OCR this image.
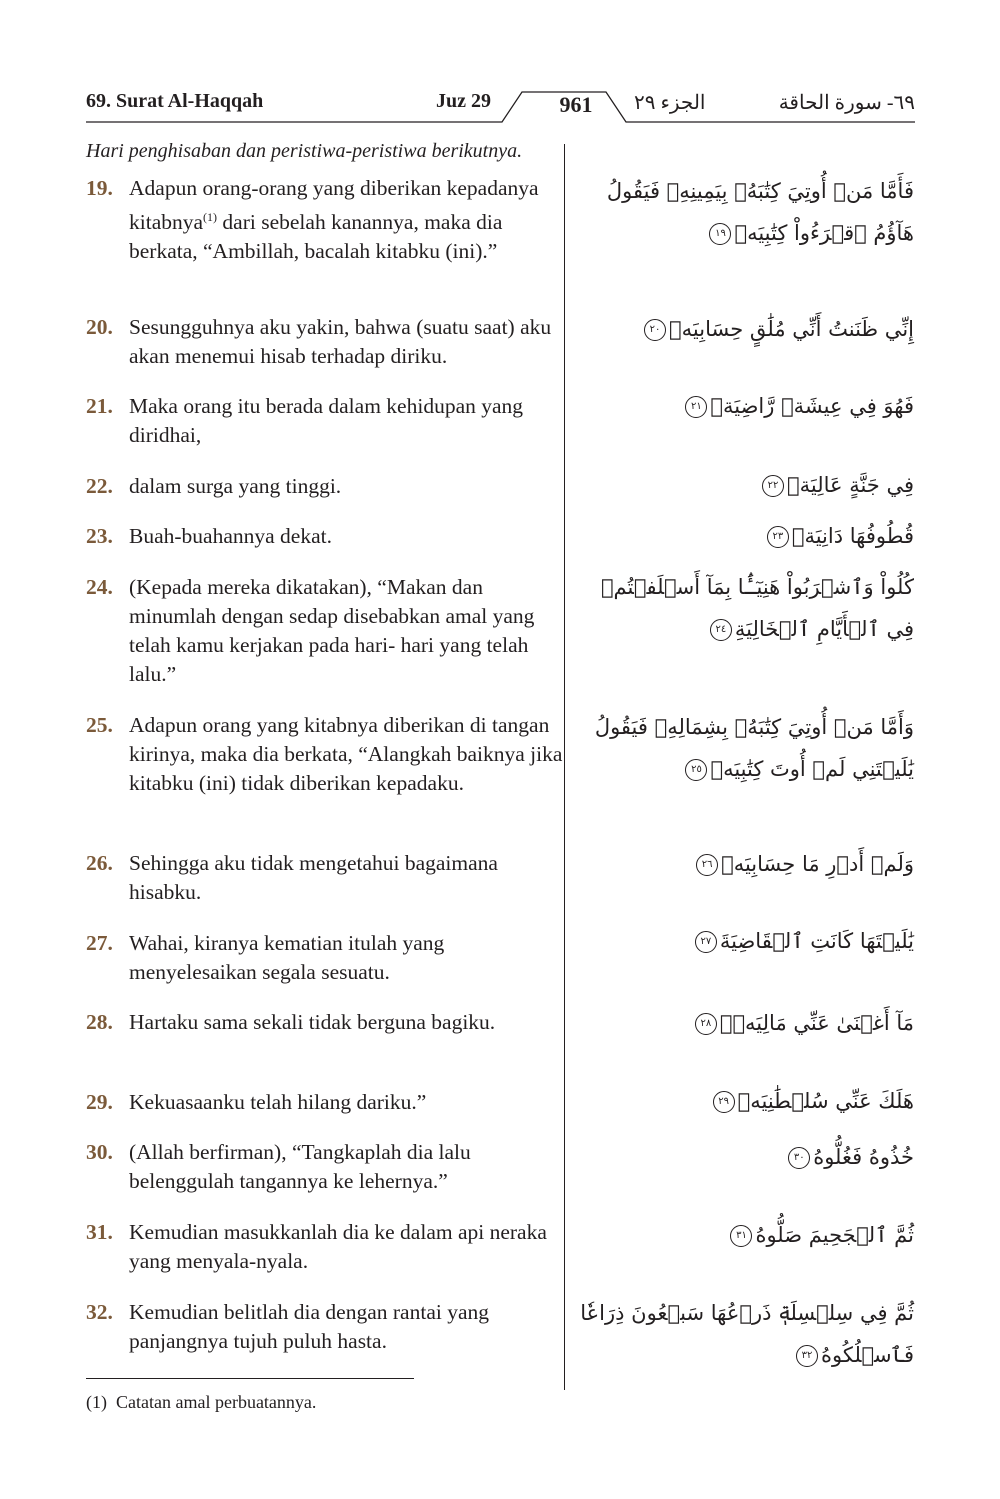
69. Surat Al-Haqqah	Juz 29	961	الجزء ٢٩	٦٩- سورة الحاقة
Hari penghisaban dan peristiwa-peristiwa berikutnya.
19. Adapun orang-orang yang diberikan kepadanya kitabnya$^{(1)}$ dari sebelah kanannya, maka dia berkata, “Ambillah, bacalah kitabku (ini).”
فَأَمَّا مَنۡ أُوتِيَ كِتَٰبَهُۥ بِيَمِينِهِۦ فَيَقُولُ هَآؤُمُ ٱقۡرَءُواْ كِتَٰبِيَهۡ١٩
20. Sesungguhnya aku yakin, bahwa (suatu saat) aku akan menemui hisab terhadap diriku.
إِنِّي ظَنَنتُ أَنِّي مُلَٰقٍ حِسَابِيَهۡ٢٠
21. Maka orang itu berada dalam kehidupan yang diridhai,
فَهُوَ فِي عِيشَةٖ رَّاضِيَةٖ٢١
22. dalam surga yang tinggi.	فِي جَنَّةٍ عَالِيَةٖ٢٢
23. Buah-buahannya dekat.	قُطُوفُهَا دَانِيَةٞ٢٣
24. (Kepada mereka dikatakan), “Makan dan minumlah dengan sedap disebabkan amal yang telah kamu kerjakan pada hari- hari yang telah lalu.”
كُلُواْ وَٱشۡرَبُواْ هَنِيٓـَٔۢا بِمَآ أَسۡلَفۡتُمۡ فِي ٱلۡأَيَّامِ ٱلۡخَالِيَةِ٢٤
25. Adapun orang yang kitabnya diberikan di tangan kirinya, maka dia berkata, “Alangkah baiknya jika kitabku (ini) tidak diberikan kepadaku.
وَأَمَّا مَنۡ أُوتِيَ كِتَٰبَهُۥ بِشِمَالِهِۦ فَيَقُولُ يَٰلَيۡتَنِي لَمۡ أُوتَ كِتَٰبِيَهۡ٢٥
26. Sehingga aku tidak mengetahui bagaimana hisabku.
وَلَمۡ أَدۡرِ مَا حِسَابِيَهۡ٢٦
27. Wahai, kiranya kematian itulah yang menyelesaikan segala sesuatu.
يَٰلَيۡتَهَا كَانَتِ ٱلۡقَاضِيَةَ٢٧
28. Hartaku sama sekali tidak berguna bagiku.	مَآ أَغۡنَىٰ عَنِّي مَالِيَهۡۜ٢٨
29. Kekuasaanku telah hilang dariku.”	هَلَكَ عَنِّي سُلۡطَٰنِيَهۡ٢٩
30. (Allah berfirman), “Tangkaplah dia lalu belenggulah tangannya ke lehernya.”
خُذُوهُ فَغُلُّوهُ٣٠
31. Kemudian masukkanlah dia ke dalam api neraka yang menyala-nyala.
ثُمَّ ٱلۡجَحِيمَ صَلُّوهُ٣١
32. Kemudian belitlah dia dengan rantai yang panjangnya tujuh puluh hasta.
ثُمَّ فِي سِلۡسِلَةٖ ذَرۡعُهَا سَبۡعُونَ ذِرَاعٗا فَٱسۡلُكُوهُ٣٢
(1) Catatan amal perbuatannya.
